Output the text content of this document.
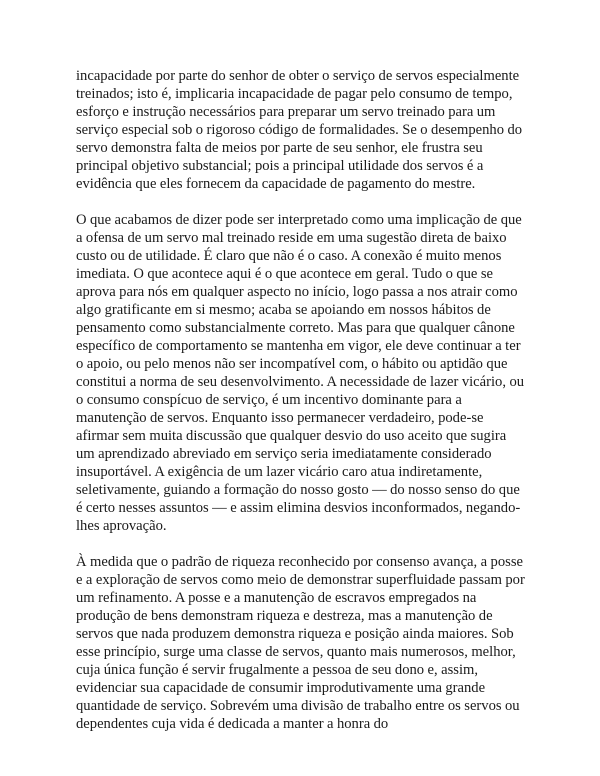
incapacidade por parte do senhor de obter o serviço de servos especialmente treinados; isto é, implicaria incapacidade de pagar pelo consumo de tempo, esforço e instrução necessários para preparar um servo treinado para um serviço especial sob o rigoroso código de formalidades. Se o desempenho do servo demonstra falta de meios por parte de seu senhor, ele frustra seu principal objetivo substancial; pois a principal utilidade dos servos é a evidência que eles fornecem da capacidade de pagamento do mestre.

O que acabamos de dizer pode ser interpretado como uma implicação de que a ofensa de um servo mal treinado reside em uma sugestão direta de baixo custo ou de utilidade. É claro que não é o caso. A conexão é muito menos imediata. O que acontece aqui é o que acontece em geral. Tudo o que se aprova para nós em qualquer aspecto no início, logo passa a nos atrair como algo gratificante em si mesmo; acaba se apoiando em nossos hábitos de pensamento como substancialmente correto. Mas para que qualquer cânone específico de comportamento se mantenha em vigor, ele deve continuar a ter o apoio, ou pelo menos não ser incompatível com, o hábito ou aptidão que constitui a norma de seu desenvolvimento. A necessidade de lazer vicário, ou o consumo conspícuo de serviço, é um incentivo dominante para a manutenção de servos. Enquanto isso permanecer verdadeiro, pode-se afirmar sem muita discussão que qualquer desvio do uso aceito que sugira um aprendizado abreviado em serviço seria imediatamente considerado insuportável. A exigência de um lazer vicário caro atua indiretamente, seletivamente, guiando a formação do nosso gosto — do nosso senso do que é certo nesses assuntos — e assim elimina desvios inconformados, negando-lhes aprovação.

À medida que o padrão de riqueza reconhecido por consenso avança, a posse e a exploração de servos como meio de demonstrar superfluidade passam por um refinamento. A posse e a manutenção de escravos empregados na produção de bens demonstram riqueza e destreza, mas a manutenção de servos que nada produzem demonstra riqueza e posição ainda maiores. Sob esse princípio, surge uma classe de servos, quanto mais numerosos, melhor, cuja única função é servir frugalmente a pessoa de seu dono e, assim, evidenciar sua capacidade de consumir improdutivamente uma grande quantidade de serviço. Sobrevém uma divisão de trabalho entre os servos ou dependentes cuja vida é dedicada a manter a honra do
